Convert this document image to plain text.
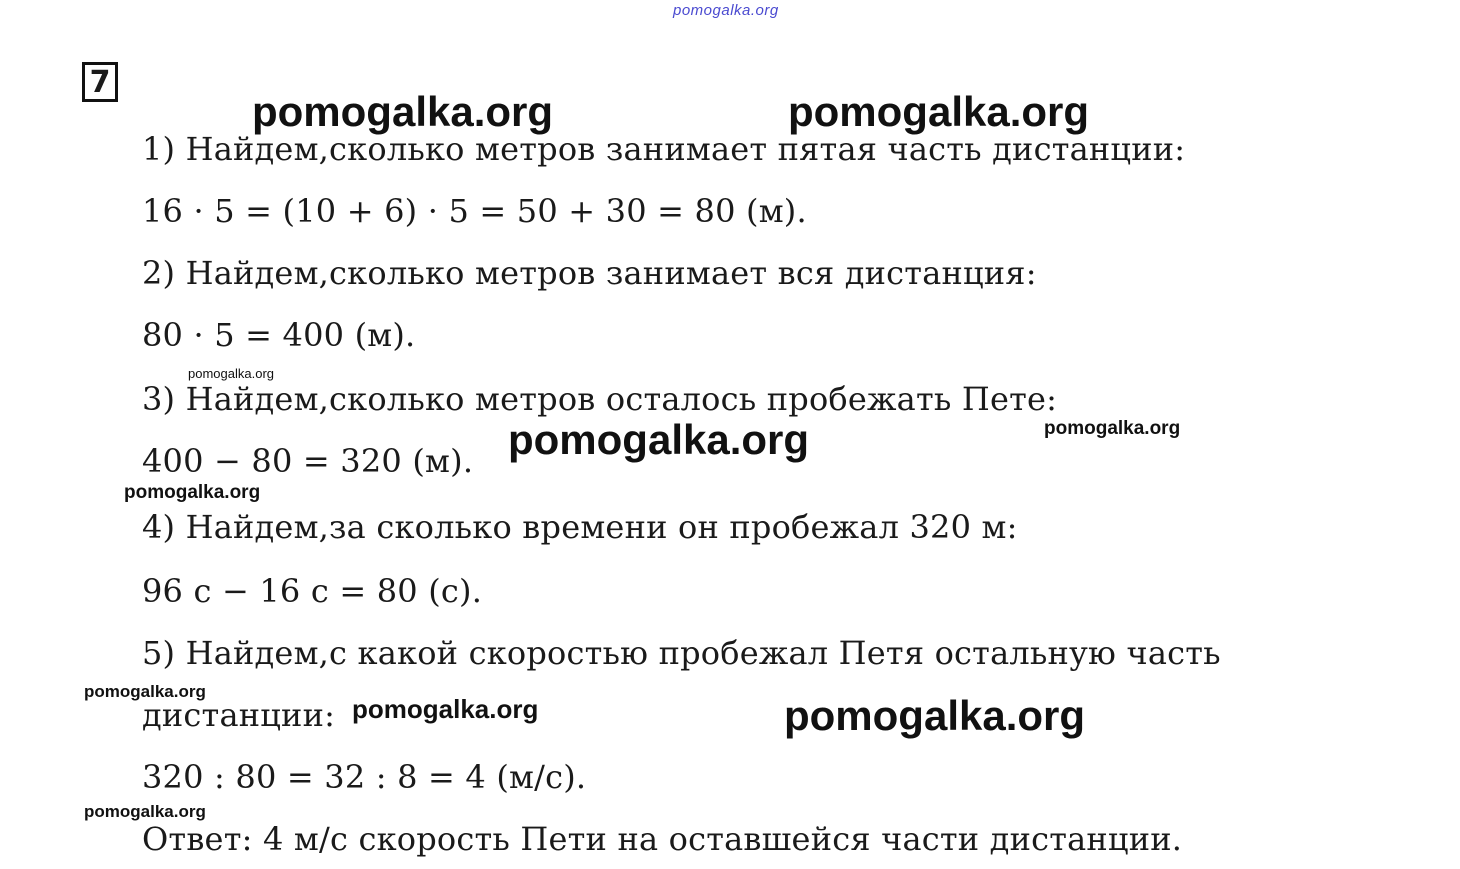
pomogalka.org
7
pomogalka.org	pomogalka.org
1) Найдем,сколько метров занимает пятая часть дистанции:
16 · 5 = (10 + 6) · 5 = 50 + 30 = 80 (м).
2) Найдем,сколько метров занимает вся дистанция:
80 · 5 = 400 (м).
pomogalka.org
3) Найдем,сколько метров осталось пробежать Пете:
400 − 80 = 320 (м). pomogalka.org	pomogalka.org
pomogalka.org
4) Найдем,за сколько времени он пробежал 320 м:
96 с − 16 с = 80 (с).
5) Найдем,с какой скоростью пробежал Петя остальную часть
pomogalka.org
дистанции: pomogalka.org	pomogalka.org
320 : 80 = 32 : 8 = 4 (м/с).
pomogalka.org
Ответ: 4 м/с скорость Пети на оставшейся части дистанции.
